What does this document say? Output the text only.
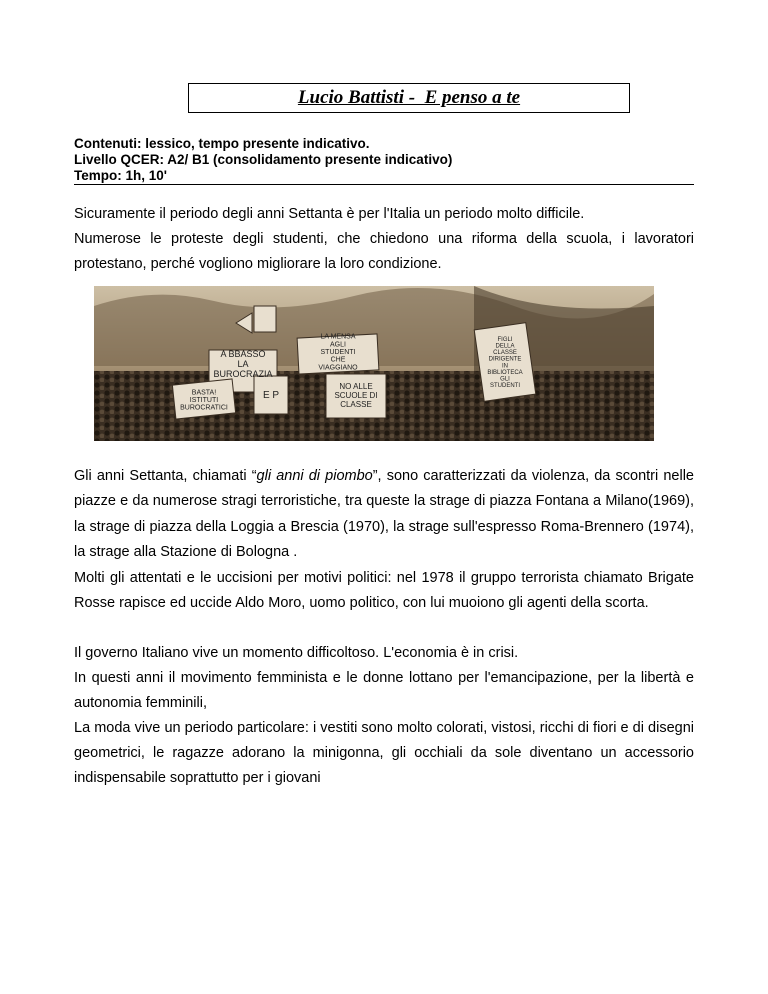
Lucio Battisti -  E penso a te
Contenuti: lessico, tempo presente indicativo.
Livello QCER: A2/ B1 (consolidamento presente indicativo)
Tempo: 1h, 10'
Sicuramente il periodo degli anni Settanta è per l'Italia un periodo molto difficile.
Numerose le proteste degli studenti, che chiedono una riforma della scuola, i lavoratori protestano, perché vogliono migliorare la loro condizione.
A BBASSO LA BUROCRAZIA
LA MENSA AGLI STUDENTI CHE VIAGGIANO
NO ALLE SCUOLE DI CLASSE
BASTA! ISTITUTI BUROCRATICI
FIGLI DELLA CLASSE DIRIGENTE IN BIBLIOTECA GLI STUDENTI
E P
Gli anni Settanta, chiamati “gli anni di piombo”, sono caratterizzati da violenza, da scontri nelle piazze e da numerose stragi terroristiche, tra queste la strage di piazza Fontana a Milano(1969), la strage di piazza della Loggia a Brescia (1970), la strage sull'espresso Roma-Brennero (1974), la strage alla Stazione di Bologna .
Molti gli attentati e le uccisioni per motivi politici: nel 1978 il gruppo terrorista chiamato Brigate Rosse rapisce ed uccide Aldo Moro, uomo politico, con lui muoiono gli agenti della scorta.
Il governo Italiano vive un momento difficoltoso. L'economia è in crisi.
In questi anni il movimento femminista e le donne lottano per l'emancipazione, per la libertà e autonomia femminili,
La moda vive un periodo particolare: i vestiti sono molto colorati, vistosi, ricchi di fiori e di disegni geometrici, le ragazze adorano la minigonna, gli occhiali da sole diventano un accessorio indispensabile soprattutto per i giovani
